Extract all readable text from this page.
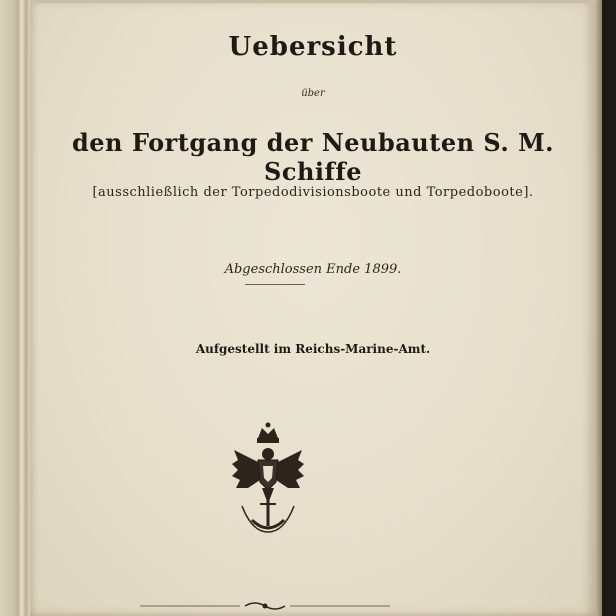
Uebersicht
über
den Fortgang der Neubauten S. M. Schiffe
[ausschließlich der Torpedodivisionsboote und Torpedoboote].
Abgeschlossen Ende 1899.
Aufgestellt im Reichs-Marine-Amt.
